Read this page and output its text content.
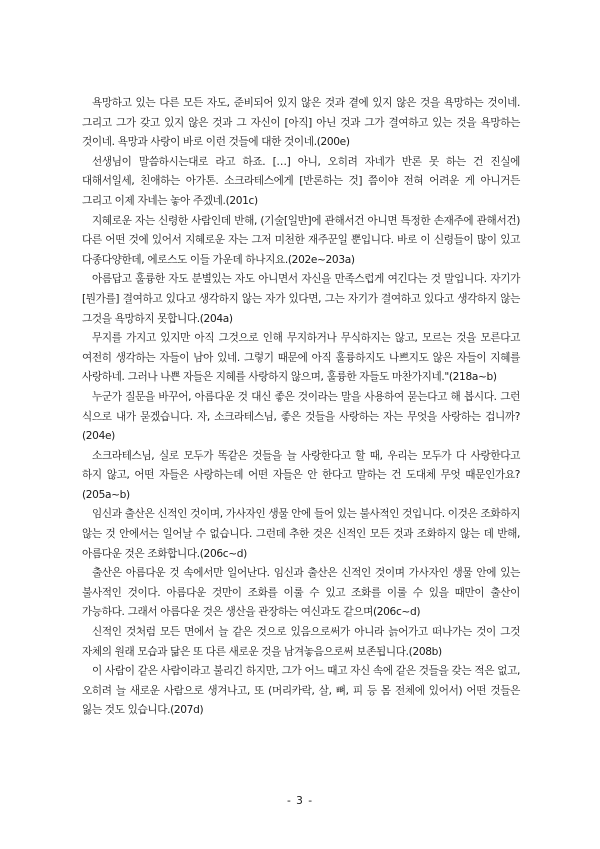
욕망하고 있는 다른 모든 자도, 준비되어 있지 않은 것과 곁에 있지 않은 것을 욕망하는 것이네. 그리고 그가 갖고 있지 않은 것과 그 자신이 [아직] 아닌 것과 그가 결여하고 있는 것을 욕망하는 것이네. 욕망과 사랑이 바로 이런 것들에 대한 것이네.(200e)

선생님이 말씀하시는대로 라고 하죠. […] 아니, 오히려 자네가 반론 못 하는 건 진실에 대해서일세, 친애하는 아가톤. 소크라테스에게 [반론하는 것] 쯤이야 전혀 어려운 게 아니거든 그리고 이제 자네는 놓아 주겠네.(201c)

지혜로운 자는 신령한 사람인데 반해, (기술[일반]에 관해서건 아니면 특정한 손재주에 관해서건) 다른 어떤 것에 있어서 지혜로운 자는 그저 미천한 재주꾼일 뿐입니다. 바로 이 신령들이 많이 있고 다종다양한데, 에로스도 이들 가운데 하나지요.(202e~203a)

아름답고 훌륭한 자도 분별있는 자도 아니면서 자신을 만족스럽게 여긴다는 것 말입니다. 자기가 [뭔가를] 결여하고 있다고 생각하지 않는 자가 있다면, 그는 자기가 결여하고 있다고 생각하지 않는 그것을 욕망하지 못합니다.(204a)

무지를 가지고 있지만 아직 그것으로 인해 무지하거나 무식하지는 않고, 모르는 것을 모른다고 여전히 생각하는 자들이 남아 있네. 그렇기 때문에 아직 훌륭하지도 나쁘지도 않은 자들이 지혜를 사랑하네. 그러나 나쁜 자들은 지혜를 사랑하지 않으며, 훌륭한 자들도 마찬가지네."(218a~b)

누군가 질문을 바꾸어, 아름다운 것 대신 좋은 것이라는 말을 사용하여 묻는다고 해 봅시다. 그런 식으로 내가 묻겠습니다. 자, 소크라테스님, 좋은 것들을 사랑하는 자는 무엇을 사랑하는 겁니까?(204e)

소크라테스님, 실로 모두가 똑같은 것들을 늘 사랑한다고 할 때, 우리는 모두가 다 사랑한다고 하지 않고, 어떤 자들은 사랑하는데 어떤 자들은 안 한다고 말하는 건 도대체 무엇 때문인가요?(205a~b)

임신과 출산은 신적인 것이며, 가사자인 생물 안에 들어 있는 불사적인 것입니다. 이것은 조화하지 않는 것 안에서는 일어날 수 없습니다. 그런데 추한 것은 신적인 모든 것과 조화하지 않는 데 반해, 아름다운 것은 조화합니다.(206c~d)

출산은 아름다운 것 속에서만 일어난다. 임신과 출산은 신적인 것이며 가사자인 생물 안에 있는 불사적인 것이다. 아름다운 것만이 조화를 이룰 수 있고 조화를 이룰 수 있을 때만이 출산이 가능하다. 그래서 아름다운 것은 생산을 관장하는 여신과도 같으며(206c~d)

신적인 것처럼 모든 면에서 늘 같은 것으로 있음으로써가 아니라 늙어가고 떠나가는 것이 그것 자체의 원래 모습과 닮은 또 다른 새로운 것을 남겨놓음으로써 보존됩니다.(208b)

이 사람이 같은 사람이라고 불리긴 하지만, 그가 어느 때고 자신 속에 같은 것들을 갖는 적은 없고, 오히려 늘 새로운 사람으로 생겨나고, 또 (머리카락, 살, 뼈, 피 등 몸 전체에 있어서) 어떤 것들은 잃는 것도 있습니다.(207d)

- 3 -
